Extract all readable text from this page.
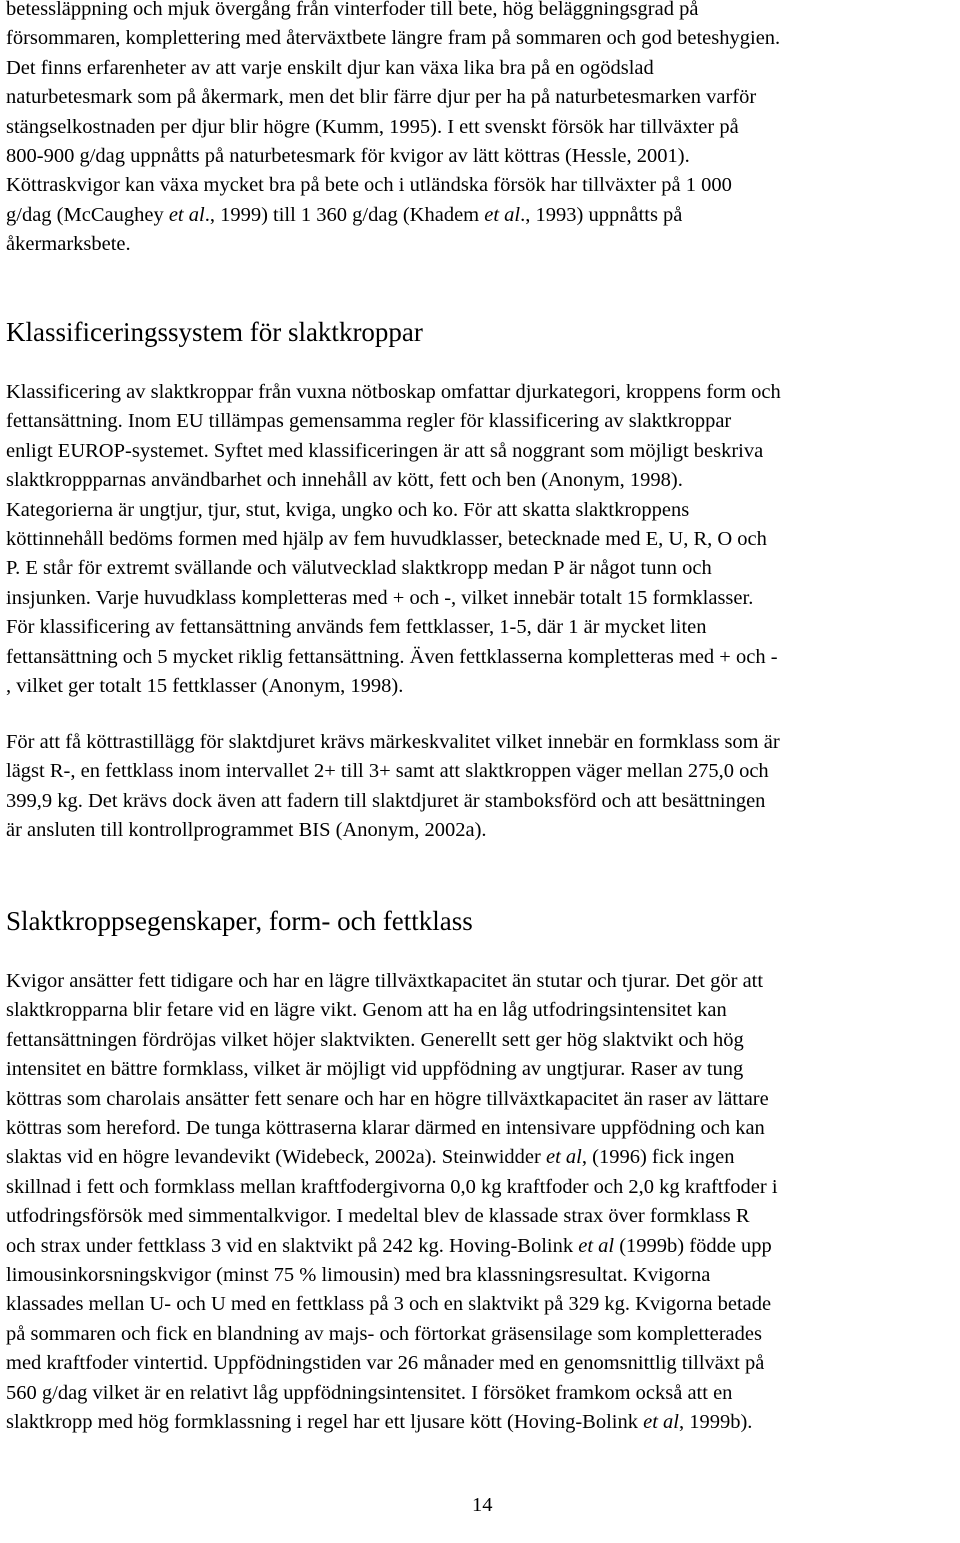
betessläppning och mjuk övergång från vinterfoder till bete, hög beläggningsgrad på
försommaren, komplettering med återväxtbete längre fram på sommaren och god beteshygien.
Det finns erfarenheter av att varje enskilt djur kan växa lika bra på en ogödslad
naturbetesmark som på åkermark, men det blir färre djur per ha på naturbetesmarken varför
stängselkostnaden per djur blir högre (Kumm, 1995). I ett svenskt försök har tillväxter på
800-900 g/dag uppnåtts på naturbetesmark för kvigor av lätt köttras (Hessle, 2001).
Köttraskvigor kan växa mycket bra på bete och i utländska försök har tillväxter på 1 000
g/dag (McCaughey et al., 1999) till 1 360 g/dag (Khadem et al., 1993) uppnåtts på
åkermarksbete.
Klassificeringssystem för slaktkroppar
Klassificering av slaktkroppar från vuxna nötboskap omfattar djurkategori, kroppens form och
fettansättning. Inom EU tillämpas gemensamma regler för klassificering av slaktkroppar
enligt EUROP-systemet. Syftet med klassificeringen är att så noggrant som möjligt beskriva
slaktkroppparnas användbarhet och innehåll av kött, fett och ben (Anonym, 1998).
Kategorierna är ungtjur, tjur, stut, kviga, ungko och ko. För att skatta slaktkroppens
köttinnehåll bedöms formen med hjälp av fem huvudklasser, betecknade med E, U, R, O och
P. E står för extremt svällande och välutvecklad slaktkropp medan P är något tunn och
insjunken. Varje huvudklass kompletteras med + och -, vilket innebär totalt 15 formklasser.
För klassificering av fettansättning används fem fettklasser, 1-5, där 1 är mycket liten
fettansättning och 5 mycket riklig fettansättning. Även fettklasserna kompletteras med + och -
, vilket ger totalt 15 fettklasser (Anonym, 1998).
För att få köttrastillägg för slaktdjuret krävs märkeskvalitet vilket innebär en formklass som är
lägst R-, en fettklass inom intervallet 2+ till 3+ samt att slaktkroppen väger mellan 275,0 och
399,9 kg. Det krävs dock även att fadern till slaktdjuret är stamboksförd och att besättningen
är ansluten till kontrollprogrammet BIS (Anonym, 2002a).
Slaktkroppsegenskaper, form- och fettklass
Kvigor ansätter fett tidigare och har en lägre tillväxtkapacitet än stutar och tjurar. Det gör att
slaktkropparna blir fetare vid en lägre vikt. Genom att ha en låg utfodringsintensitet kan
fettansättningen fördröjas vilket höjer slaktvikten. Generellt sett ger hög slaktvikt och hög
intensitet en bättre formklass, vilket är möjligt vid uppfödning av ungtjurar. Raser av tung
köttras som charolais ansätter fett senare och har en högre tillväxtkapacitet än raser av lättare
köttras som hereford. De tunga köttraserna klarar därmed en intensivare uppfödning och kan
slaktas vid en högre levandevikt (Widebeck, 2002a). Steinwidder et al, (1996) fick ingen
skillnad i fett och formklass mellan kraftfodergivorna 0,0 kg kraftfoder och 2,0 kg kraftfoder i
utfodringsförsök med simmentalkvigor. I medeltal blev de klassade strax över formklass R
och strax under fettklass 3 vid en slaktvikt på 242 kg. Hoving-Bolink et al (1999b) födde upp
limousinkorsningskvigor (minst 75 % limousin) med bra klassningsresultat. Kvigorna
klassades mellan U- och U med en fettklass på 3 och en slaktvikt på 329 kg. Kvigorna betade
på sommaren och fick en blandning av majs- och förtorkat gräsensilage som kompletterades
med kraftfoder vintertid. Uppfödningstiden var 26 månader med en genomsnittlig tillväxt på
560 g/dag vilket är en relativt låg uppfödningsintensitet. I försöket framkom också att en
slaktkropp med hög formklassning i regel har ett ljusare kött (Hoving-Bolink et al, 1999b).
14
